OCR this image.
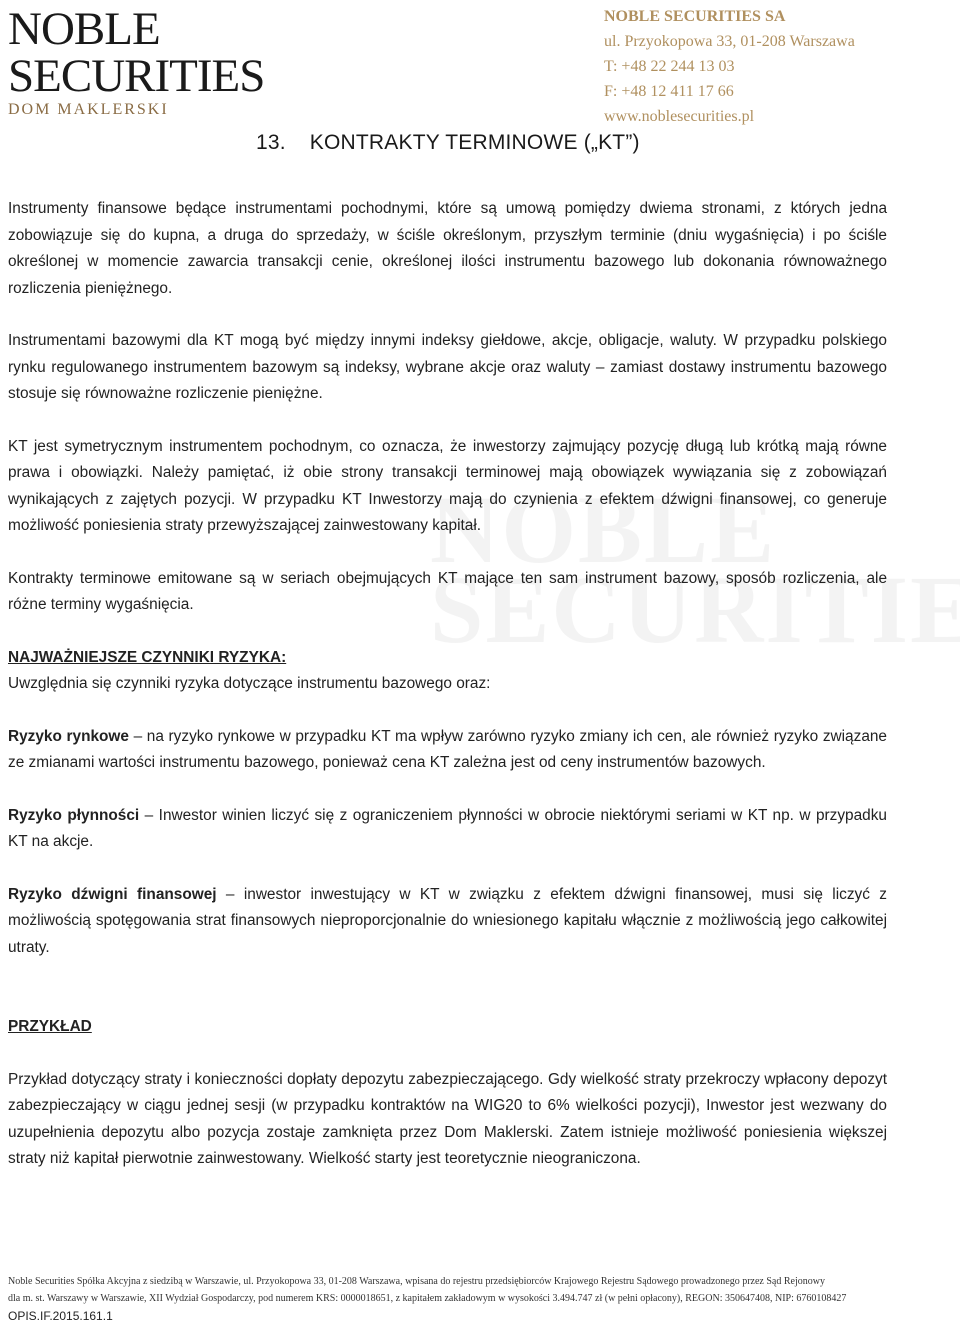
NOBLE
SECURITIES
DOM MAKLERSKI
NOBLE SECURITIES SA
ul. Przyokopowa 33, 01-208 Warszawa
T: +48 22 244 13 03
F: +48 12 411 17 66
www.noblesecurities.pl
13. KONTRAKTY TERMINOWE („KT”)

Instrumenty finansowe będące instrumentami pochodnymi, które są umową pomiędzy dwiema stronami, z których jedna zobowiązuje się do kupna, a druga do sprzedaży, w ściśle określonym, przyszłym terminie (dniu wygaśnięcia) i po ściśle określonej w momencie zawarcia transakcji cenie, określonej ilości instrumentu bazowego lub dokonania równoważnego rozliczenia pieniężnego.

Instrumentami bazowymi dla KT mogą być między innymi indeksy giełdowe, akcje, obligacje, waluty. W przypadku polskiego rynku regulowanego instrumentem bazowym są indeksy, wybrane akcje oraz waluty – zamiast dostawy instrumentu bazowego stosuje się równoważne rozliczenie pieniężne.

KT jest symetrycznym instrumentem pochodnym, co oznacza, że inwestorzy zajmujący pozycję długą lub krótką mają równe prawa i obowiązki. Należy pamiętać, iż obie strony transakcji terminowej mają obowiązek wywiązania się z zobowiązań wynikających z zajętych pozycji. W przypadku KT Inwestorzy mają do czynienia z efektem dźwigni finansowej, co generuje możliwość poniesienia straty przewyższającej zainwestowany kapitał.

Kontrakty terminowe emitowane są w seriach obejmujących KT mające ten sam instrument bazowy, sposób rozliczenia, ale różne terminy wygaśnięcia.

NAJWAŻNIEJSZE CZYNNIKI RYZYKA:

Uwzględnia się czynniki ryzyka dotyczące instrumentu bazowego oraz:

Ryzyko rynkowe – na ryzyko rynkowe w przypadku KT ma wpływ zarówno ryzyko zmiany ich cen, ale również ryzyko związane ze zmianami wartości instrumentu bazowego, ponieważ cena KT zależna jest od ceny instrumentów bazowych.

Ryzyko płynności – Inwestor winien liczyć się z ograniczeniem płynności w obrocie niektórymi seriami w KT np. w przypadku KT na akcje.

Ryzyko dźwigni finansowej – inwestor inwestujący w KT w związku z efektem dźwigni finansowej, musi się liczyć z możliwością spotęgowania strat finansowych nieproporcjonalnie do wniesionego kapitału włącznie z możliwością jego całkowitej utraty.

PRZYKŁAD

Przykład dotyczący straty i konieczności dopłaty depozytu zabezpieczającego. Gdy wielkość straty przekroczy wpłacony depozyt zabezpieczający w ciągu jednej sesji (w przypadku kontraktów na WIG20 to 6% wielkości pozycji), Inwestor jest wezwany do uzupełnienia depozytu albo pozycja zostaje zamknięta przez Dom Maklerski. Zatem istnieje możliwość poniesienia większej straty niż kapitał pierwotnie zainwestowany. Wielkość starty jest teoretycznie nieograniczona.

Noble Securities Spółka Akcyjna z siedzibą w Warszawie, ul. Przyokopowa 33, 01-208 Warszawa, wpisana do rejestru przedsiębiorców Krajowego Rejestru Sądowego prowadzonego przez Sąd Rejonowy
dla m. st. Warszawy w Warszawie, XII Wydział Gospodarczy, pod numerem KRS: 0000018651, z kapitałem zakładowym w wysokości 3.494.747 zł (w pełni opłacony), REGON: 350647408, NIP: 6760108427
OPIS.IF.2015.161.1
